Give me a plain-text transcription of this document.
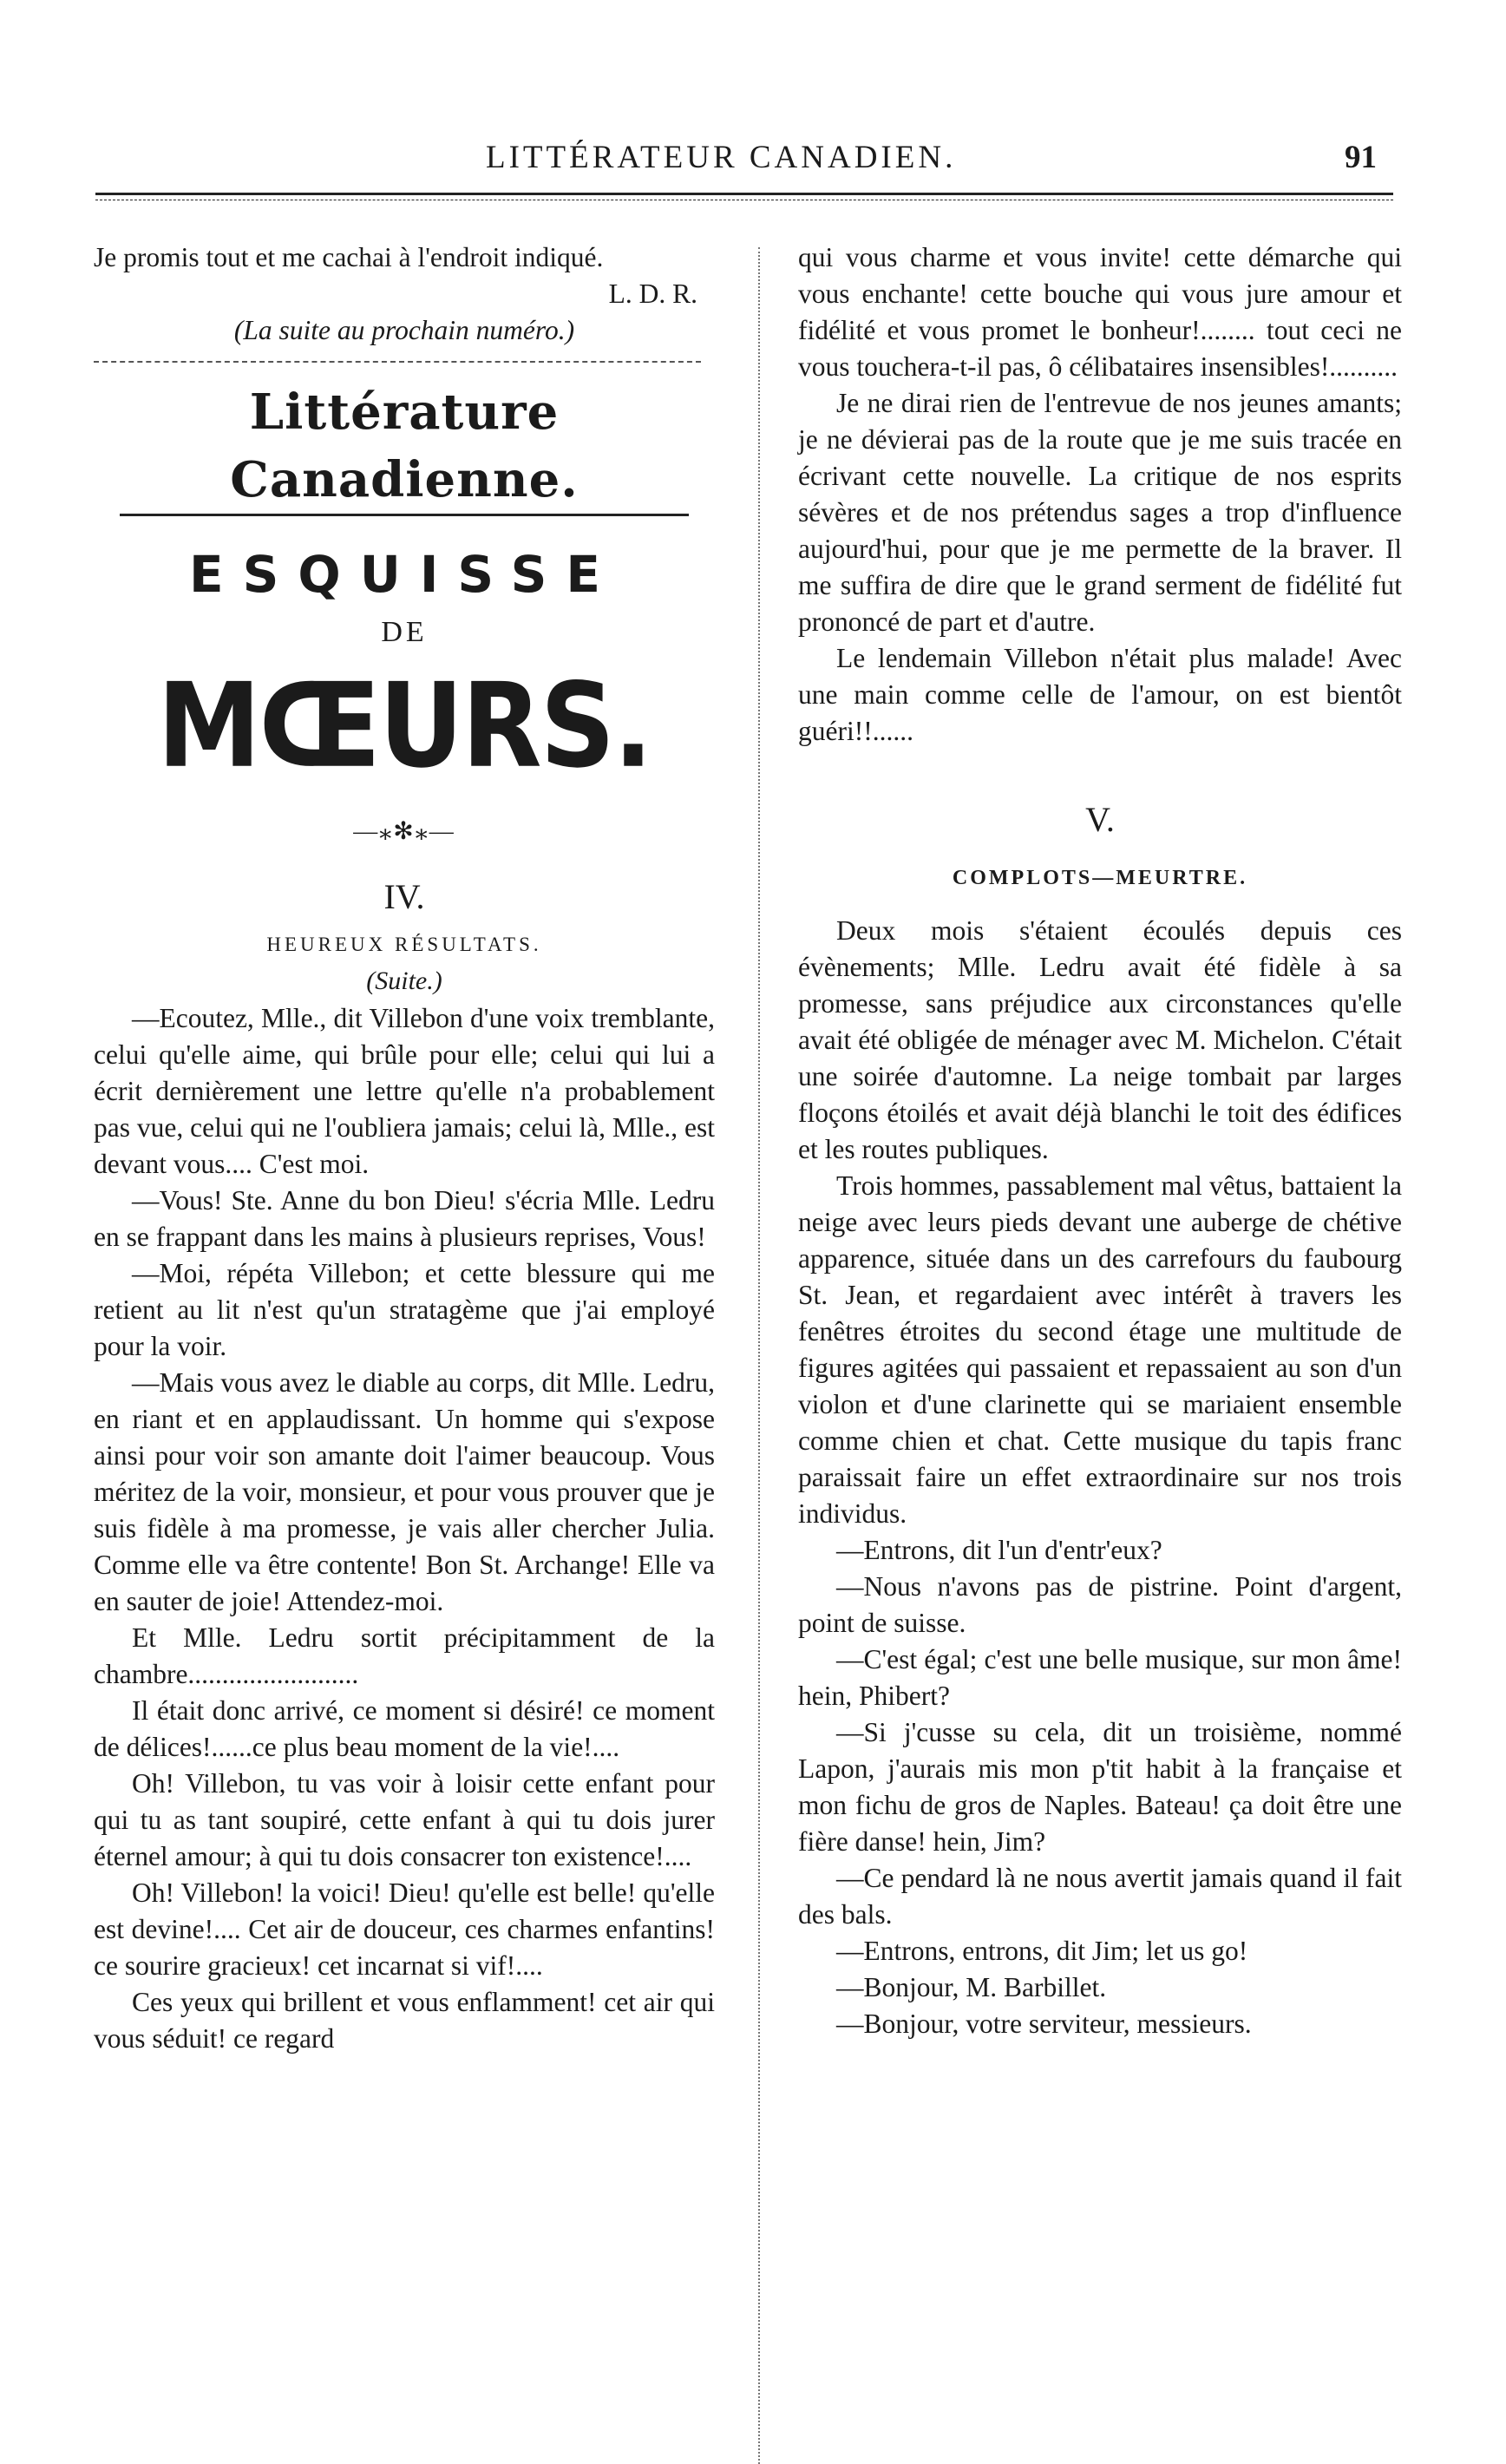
LITTÉRATEUR CANADIEN.	91

Je promis tout et me cachai à l'endroit indiqué.

L. D. R.
(La suite au prochain numéro.)
Littérature Canadienne.
ESQUISSE
DE
MŒURS.
—⁎✻⁎—
IV.
HEUREUX RÉSULTATS.
(Suite.)

—Ecoutez, Mlle., dit Villebon d'une voix tremblante, celui qu'elle aime, qui brûle pour elle; celui qui lui a écrit dernièrement une lettre qu'elle n'a probablement pas vue, celui qui ne l'oubliera jamais; celui là, Mlle., est devant vous.... C'est moi.

—Vous! Ste. Anne du bon Dieu! s'écria Mlle. Ledru en se frappant dans les mains à plusieurs reprises, Vous!

—Moi, répéta Villebon; et cette blessure qui me retient au lit n'est qu'un stratagème que j'ai employé pour la voir.

—Mais vous avez le diable au corps, dit Mlle. Ledru, en riant et en applaudissant. Un homme qui s'expose ainsi pour voir son amante doit l'aimer beaucoup. Vous méritez de la voir, monsieur, et pour vous prouver que je suis fidèle à ma promesse, je vais aller chercher Julia. Comme elle va être contente! Bon St. Archange! Elle va en sauter de joie! Attendez-moi.

Et Mlle. Ledru sortit précipitamment de la chambre.........................

Il était donc arrivé, ce moment si désiré! ce moment de délices!......ce plus beau moment de la vie!....

Oh! Villebon, tu vas voir à loisir cette enfant pour qui tu as tant soupiré, cette enfant à qui tu dois jurer éternel amour; à qui tu dois consacrer ton existence!....

Oh! Villebon! la voici! Dieu! qu'elle est belle! qu'elle est devine!.... Cet air de douceur, ces charmes enfantins! ce sourire gracieux! cet incarnat si vif!....

Ces yeux qui brillent et vous enflamment! cet air qui vous séduit! ce regard

qui vous charme et vous invite! cette démarche qui vous enchante! cette bouche qui vous jure amour et fidélité et vous promet le bonheur!........ tout ceci ne vous touchera-t-il pas, ô célibataires insensibles!..........

Je ne dirai rien de l'entrevue de nos jeunes amants; je ne dévierai pas de la route que je me suis tracée en écrivant cette nouvelle. La critique de nos esprits sévères et de nos prétendus sages a trop d'influence aujourd'hui, pour que je me permette de la braver. Il me suffira de dire que le grand serment de fidélité fut prononcé de part et d'autre.

Le lendemain Villebon n'était plus malade! Avec une main comme celle de l'amour, on est bientôt guéri!!......

V.
COMPLOTS—MEURTRE.

Deux mois s'étaient écoulés depuis ces évènements; Mlle. Ledru avait été fidèle à sa promesse, sans préjudice aux circonstances qu'elle avait été obligée de ménager avec M. Michelon. C'était une soirée d'automne. La neige tombait par larges floçons étoilés et avait déjà blanchi le toit des édifices et les routes publiques.

Trois hommes, passablement mal vêtus, battaient la neige avec leurs pieds devant une auberge de chétive apparence, située dans un des carrefours du faubourg St. Jean, et regardaient avec intérêt à travers les fenêtres étroites du second étage une multitude de figures agitées qui passaient et repassaient au son d'un violon et d'une clarinette qui se mariaient ensemble comme chien et chat. Cette musique du tapis franc paraissait faire un effet extraordinaire sur nos trois individus.

—Entrons, dit l'un d'entr'eux?

—Nous n'avons pas de pistrine. Point d'argent, point de suisse.

—C'est égal; c'est une belle musique, sur mon âme! hein, Phibert?

—Si j'cusse su cela, dit un troisième, nommé Lapon, j'aurais mis mon p'tit habit à la française et mon fichu de gros de Naples. Bateau! ça doit être une fière danse! hein, Jim?

—Ce pendard là ne nous avertit jamais quand il fait des bals.

—Entrons, entrons, dit Jim; let us go!

—Bonjour, M. Barbillet.

—Bonjour, votre serviteur, messieurs.
